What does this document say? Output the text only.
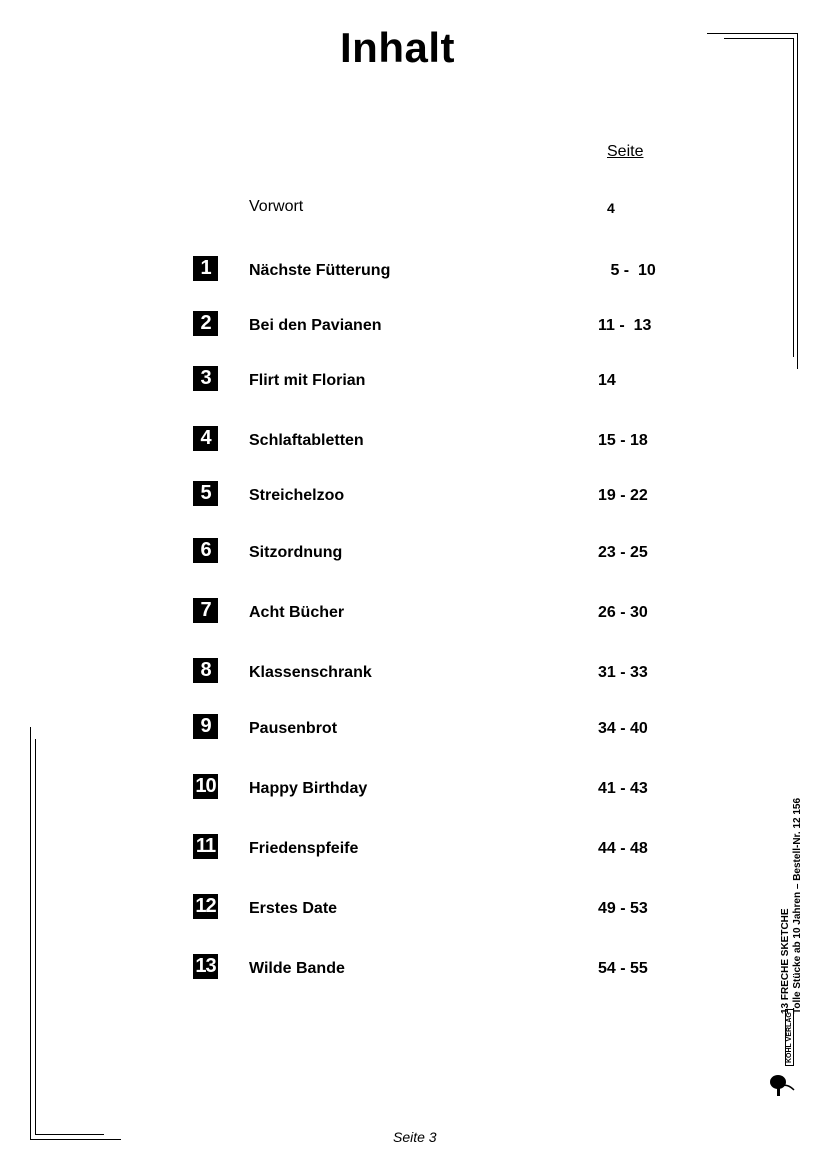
Inhalt
Seite
Vorwort	4
1	Nächste Fütterung	5 -  10
2	Bei den Pavianen	11 -  13
3	Flirt mit Florian	14
4	Schlaftabletten	15 - 18
5	Streichelzoo	19 - 22
6	Sitzordnung	23 - 25
7	Acht Bücher	26 - 30
8	Klassenschrank	31 - 33
9	Pausenbrot	34 - 40
10 Happy Birthday	41 - 43
11 Friedenspfeife	44 - 48
12 Erstes Date	49 - 53
13 Wilde Bande	54 - 55	13 FRECHE SKETCHE Tolle Stücke ab 10 Jahren – Bestell-Nr. 12 156
KOHL VERLAG
Seite 3
